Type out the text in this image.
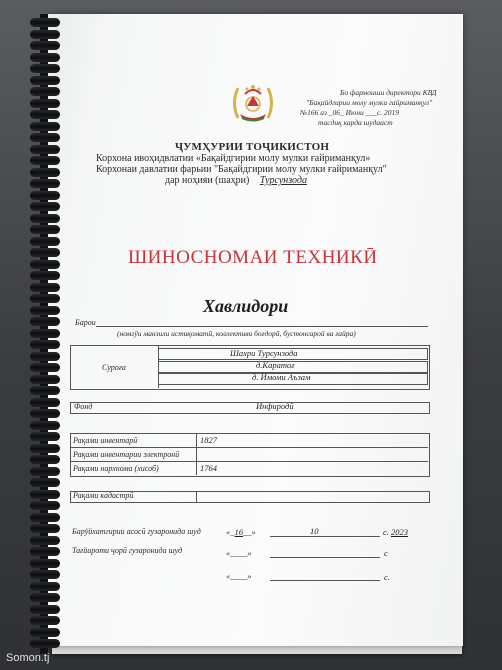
Бо фармоиши директори КВД
"Бақайдгирии молу мулки гайриманқул"
№166 аз _06_ Июни ___с. 2019
тасдиқ карда шудааст
ҶУМҲУРИИ ТОҶИКИСТОН
Корхона ивоҳидвлатии «Бақайдгирии молу мулки ғайриманқул»
Корхонаи давлатии фарьии "Бақайдгирии молу мулки ғайриманқул"
дар ноҳияи (шаҳри) Турсунзода
ШИНОСНОМАИ ТЕХНИКӢ
Хавлидори
Барои
(номгўи манзили истиқоматӣ, коллективи боғдорӣ, бустонсарой ва ғайра)
Суроға
Шахри Турсунзода
д.Каратоғ
д. Имоми Аъзам
Фонд	Инфиродӣ
Рақами инвентарӣ	1827
Рақами инвентарии электронӣ
Рақами нархнома (хисоб)	1764
Рақами кадастрӣ
Барўйхатгирии асосӣ гузаронида шуд	«_16__»	10	с. 2023
Тағйироти ҷорӣ гузаронида шуд	«____»	с
«____»	с.
Somon.tj
